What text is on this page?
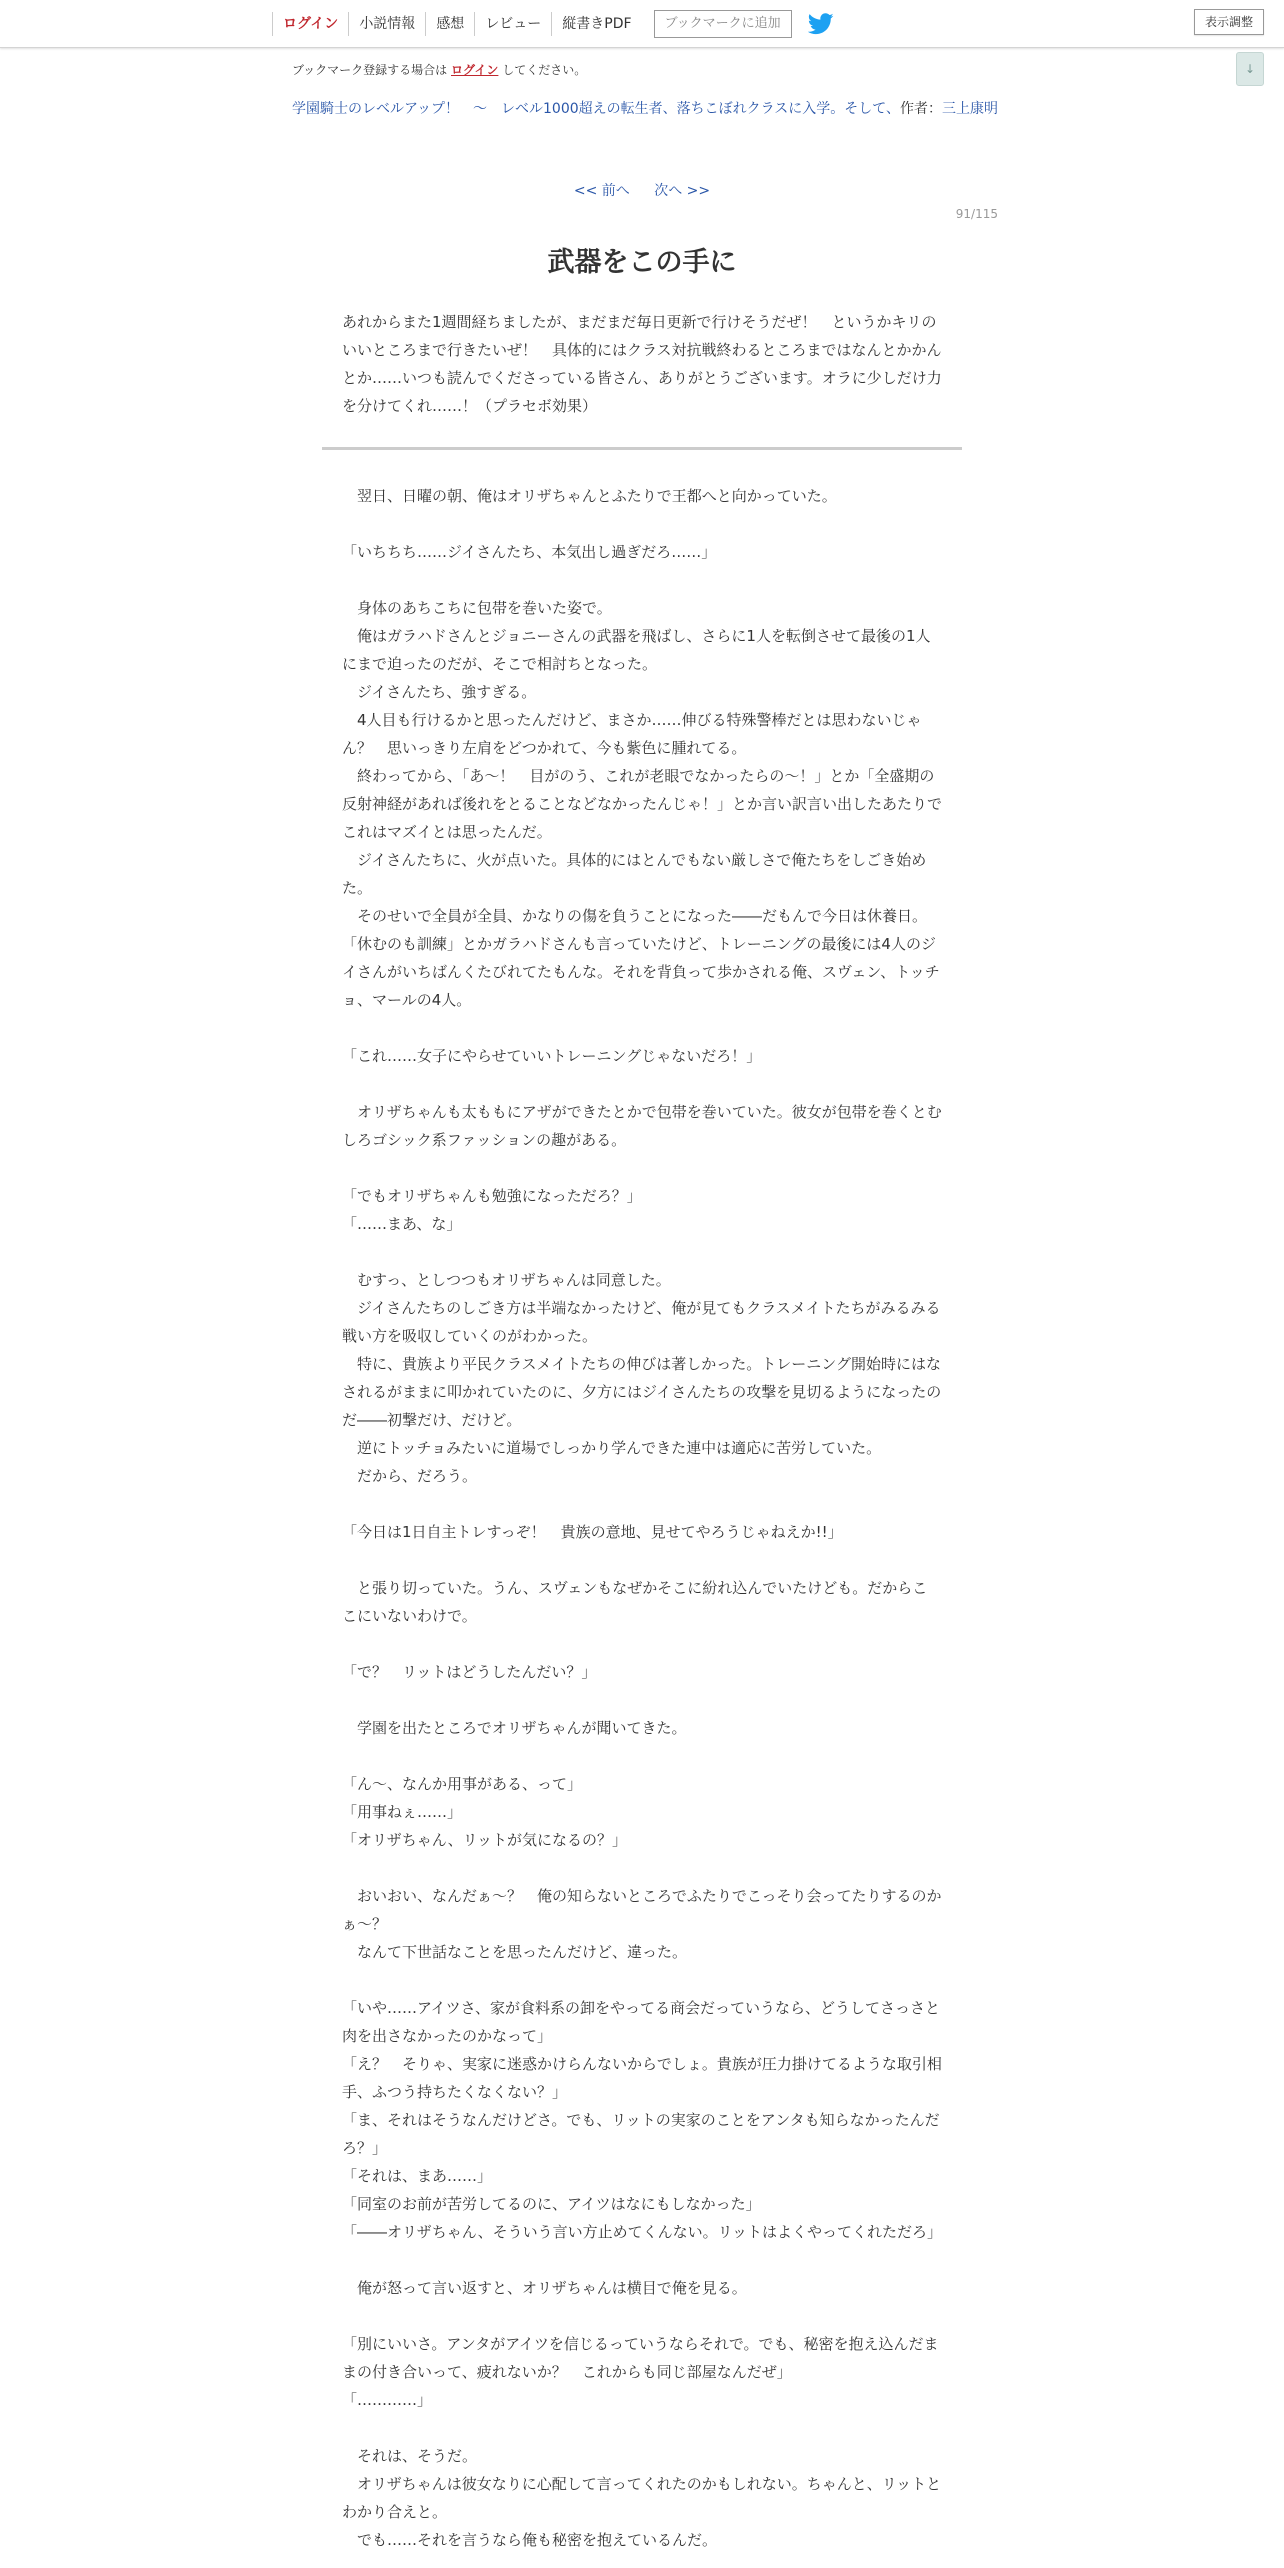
ログイン	小説情報	感想	レビュー	縦書きPDF	ブックマークに追加	表示調整
↓
ブックマーク登録する場合は ログイン してください。
作者：三上康明
学園騎士のレベルアップ！　〜　レベル1000超えの転生者、落ちこぼれクラスに入学。そして、
<< 前へ 次へ >>
91/115
武器をこの手に

あれからまた1週間経ちましたが、まだまだ毎日更新で行けそうだぜ！　というかキリのいいところまで行きたいぜ！　具体的にはクラス対抗戦終わるところまではなんとかかんとか……いつも読んでくださっている皆さん、ありがとうございます。オラに少しだけ力を分けてくれ……！（プラセボ効果）

　翌日、日曜の朝、俺はオリザちゃんとふたりで王都へと向かっていた。

「いちちち……ジイさんたち、本気出し過ぎだろ……」

　身体のあちこちに包帯を巻いた姿で。

　俺はガラハドさんとジョニーさんの武器を飛ばし、さらに1人を転倒させて最後の1人にまで迫ったのだが、そこで相討ちとなった。

　ジイさんたち、強すぎる。

　4人目も行けるかと思ったんだけど、まさか……伸びる特殊警棒だとは思わないじゃん？　思いっきり左肩をどつかれて、今も紫色に腫れてる。

　終わってから、「あ～！　目がのう、これが老眼でなかったらの～！」とか「全盛期の反射神経があれば後れをとることなどなかったんじゃ！」とか言い訳言い出したあたりでこれはマズイとは思ったんだ。

　ジイさんたちに、火が点いた。具体的にはとんでもない厳しさで俺たちをしごき始めた。

　そのせいで全員が全員、かなりの傷を負うことになった――だもんで今日は休養日。「休むのも訓練」とかガラハドさんも言っていたけど、トレーニングの最後には4人のジイさんがいちばんくたびれてたもんな。それを背負って歩かされる俺、スヴェン、トッチョ、マールの4人。

「これ……女子にやらせていいトレーニングじゃないだろ！」

　オリザちゃんも太ももにアザができたとかで包帯を巻いていた。彼女が包帯を巻くとむしろゴシック系ファッションの趣がある。

「でもオリザちゃんも勉強になっただろ？」

「……まあ、な」

　むすっ、としつつもオリザちゃんは同意した。

　ジイさんたちのしごき方は半端なかったけど、俺が見てもクラスメイトたちがみるみる戦い方を吸収していくのがわかった。

　特に、貴族より平民クラスメイトたちの伸びは著しかった。トレーニング開始時にはなされるがままに叩かれていたのに、夕方にはジイさんたちの攻撃を見切るようになったのだ――初撃だけ、だけど。

　逆にトッチョみたいに道場でしっかり学んできた連中は適応に苦労していた。

　だから、だろう。

「今日は1日自主トレすっぞ！　貴族の意地、見せてやろうじゃねえか!!」

　と張り切っていた。うん、スヴェンもなぜかそこに紛れ込んでいたけども。だからここにいないわけで。

「で？　リットはどうしたんだい？」

　学園を出たところでオリザちゃんが聞いてきた。

「ん～、なんか用事がある、って」

「用事ねぇ……」

「オリザちゃん、リットが気になるの？」

　おいおい、なんだぁ～？　俺の知らないところでふたりでこっそり会ってたりするのかぁ～？

　なんて下世話なことを思ったんだけど、違った。

「いや……アイツさ、家が食料系の卸をやってる商会だっていうなら、どうしてさっさと肉を出さなかったのかなって」

「え？　そりゃ、実家に迷惑かけらんないからでしょ。貴族が圧力掛けてるような取引相手、ふつう持ちたくなくない？」

「ま、それはそうなんだけどさ。でも、リットの実家のことをアンタも知らなかったんだろ？」

「それは、まあ……」

「同室のお前が苦労してるのに、アイツはなにもしなかった」

「――オリザちゃん、そういう言い方止めてくんない。リットはよくやってくれただろ」

　俺が怒って言い返すと、オリザちゃんは横目で俺を見る。

「別にいいさ。アンタがアイツを信じるっていうならそれで。でも、秘密を抱え込んだままの付き合いって、疲れないか？　これからも同じ部屋なんだぜ」

「…………」

　それは、そうだ。

　オリザちゃんは彼女なりに心配して言ってくれたのかもしれない。ちゃんと、リットとわかり合えと。

　でも……それを言うなら俺も秘密を抱えているんだ。
